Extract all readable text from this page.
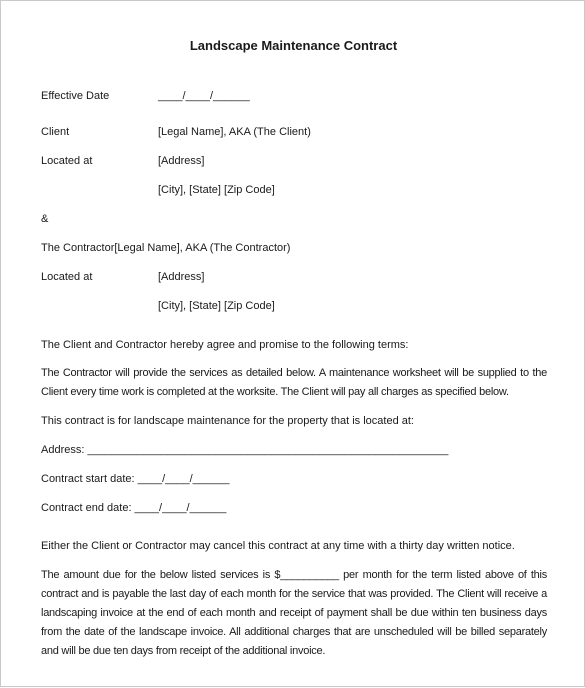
Landscape Maintenance Contract
Effective Date	____/____/______
Client	[Legal Name], AKA (The Client)
Located at	[Address]
[City], [State] [Zip Code]
&
The Contractor[Legal Name], AKA (The Contractor)
Located at	[Address]
[City], [State] [Zip Code]
The Client and Contractor hereby agree and promise to the following terms:
The Contractor will provide the services as detailed below. A maintenance worksheet will be supplied to the Client every time work is completed at the worksite. The Client will pay all charges as specified below.
This contract is for landscape maintenance for the property that is located at:
Address: ___________________________________________________________
Contract start date: ____/____/______
Contract end date: ____/____/______
Either the Client or Contractor may cancel this contract at any time with a thirty day written notice.
The amount due for the below listed services is $__________ per month for the term listed above of this contract and is payable the last day of each month for the service that was provided. The Client will receive a landscaping invoice at the end of each month and receipt of payment shall be due within ten business days from the date of the landscape invoice. All additional charges that are unscheduled will be billed separately and will be due ten days from receipt of the additional invoice.
